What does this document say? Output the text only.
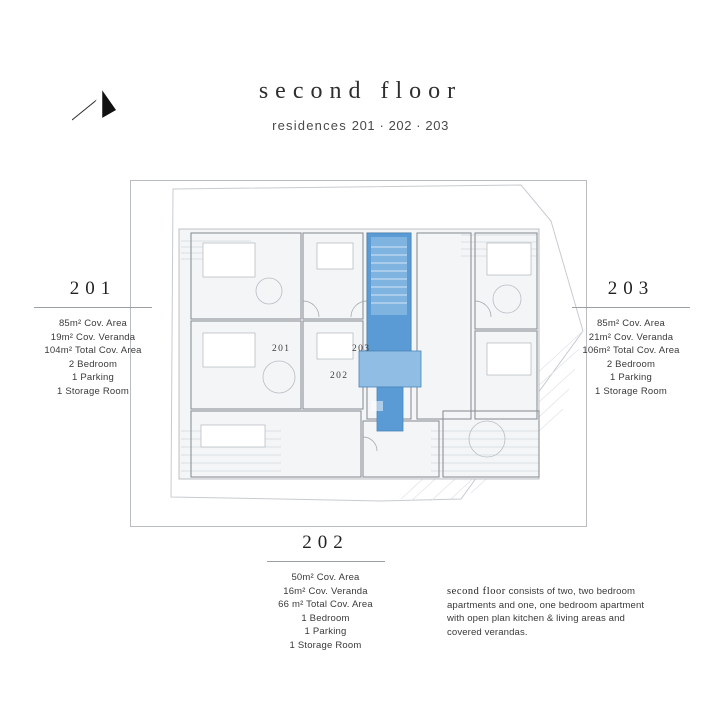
second floor
residences 201 · 202 · 203
201	203
202
201
85m² Cov. Area
19m² Cov. Veranda
104m² Total Cov. Area
2 Bedroom
1 Parking
1 Storage Room
203
85m² Cov. Area
21m² Cov. Veranda
106m² Total Cov. Area
2 Bedroom
1 Parking
1 Storage Room
202
50m² Cov. Area
16m² Cov. Veranda
66 m² Total Cov. Area
1 Bedroom
1 Parking
1 Storage Room
second floor consists of two, two bedroom apartments and one, one bedroom apartment with open plan kitchen & living areas and covered verandas.
